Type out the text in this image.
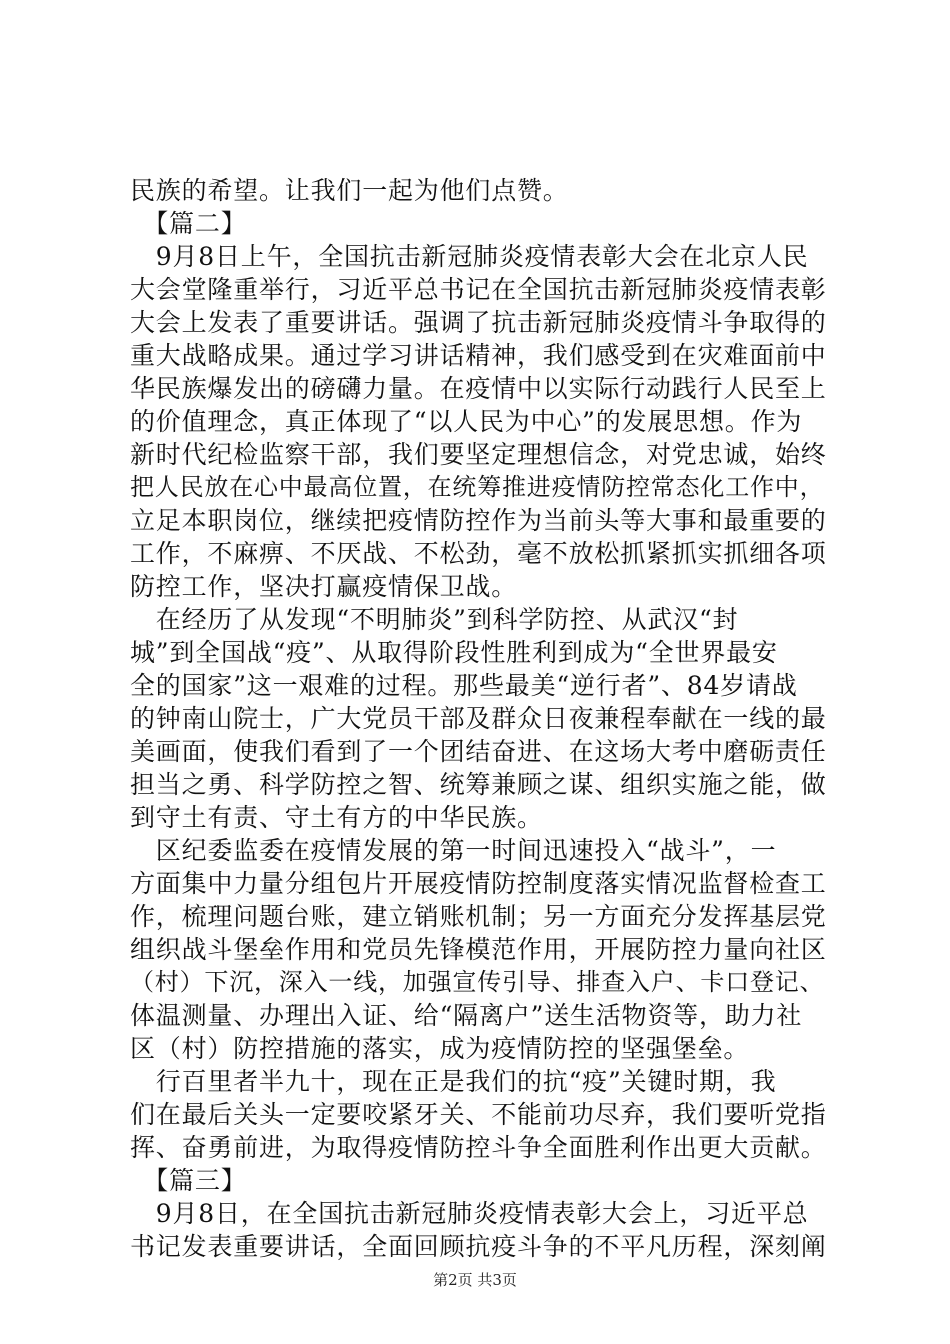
民族的希望。让我们一起为他们点赞。
　【篇二】
　9月8日上午，全国抗击新冠肺炎疫情表彰大会在北京人民
大会堂隆重举行，习近平总书记在全国抗击新冠肺炎疫情表彰
大会上发表了重要讲话。强调了抗击新冠肺炎疫情斗争取得的
重大战略成果。通过学习讲话精神，我们感受到在灾难面前中
华民族爆发出的磅礴力量。在疫情中以实际行动践行人民至上
的价值理念，真正体现了“以人民为中心”的发展思想。作为
新时代纪检监察干部，我们要坚定理想信念，对党忠诚，始终
把人民放在心中最高位置，在统筹推进疫情防控常态化工作中，
立足本职岗位，继续把疫情防控作为当前头等大事和最重要的
工作，不麻痹、不厌战、不松劲，毫不放松抓紧抓实抓细各项
防控工作，坚决打赢疫情保卫战。
　在经历了从发现“不明肺炎”到科学防控、从武汉“封
城”到全国战“疫”、从取得阶段性胜利到成为“全世界最安
全的国家”这一艰难的过程。那些最美“逆行者”、84岁请战
的钟南山院士，广大党员干部及群众日夜兼程奉献在一线的最
美画面，使我们看到了一个团结奋进、在这场大考中磨砺责任
担当之勇、科学防控之智、统筹兼顾之谋、组织实施之能，做
到守土有责、守土有方的中华民族。
　区纪委监委在疫情发展的第一时间迅速投入“战斗”，一
方面集中力量分组包片开展疫情防控制度落实情况监督检查工
作，梳理问题台账，建立销账机制；另一方面充分发挥基层党
组织战斗堡垒作用和党员先锋模范作用，开展防控力量向社区
（村）下沉，深入一线，加强宣传引导、排查入户、卡口登记、
体温测量、办理出入证、给“隔离户”送生活物资等，助力社
区（村）防控措施的落实，成为疫情防控的坚强堡垒。
　行百里者半九十，现在正是我们的抗“疫”关键时期，我
们在最后关头一定要咬紧牙关、不能前功尽弃，我们要听党指
挥、奋勇前进，为取得疫情防控斗争全面胜利作出更大贡献。
　【篇三】
　9月8日，在全国抗击新冠肺炎疫情表彰大会上，习近平总
书记发表重要讲话，全面回顾抗疫斗争的不平凡历程，深刻阐
第2页 共3页
